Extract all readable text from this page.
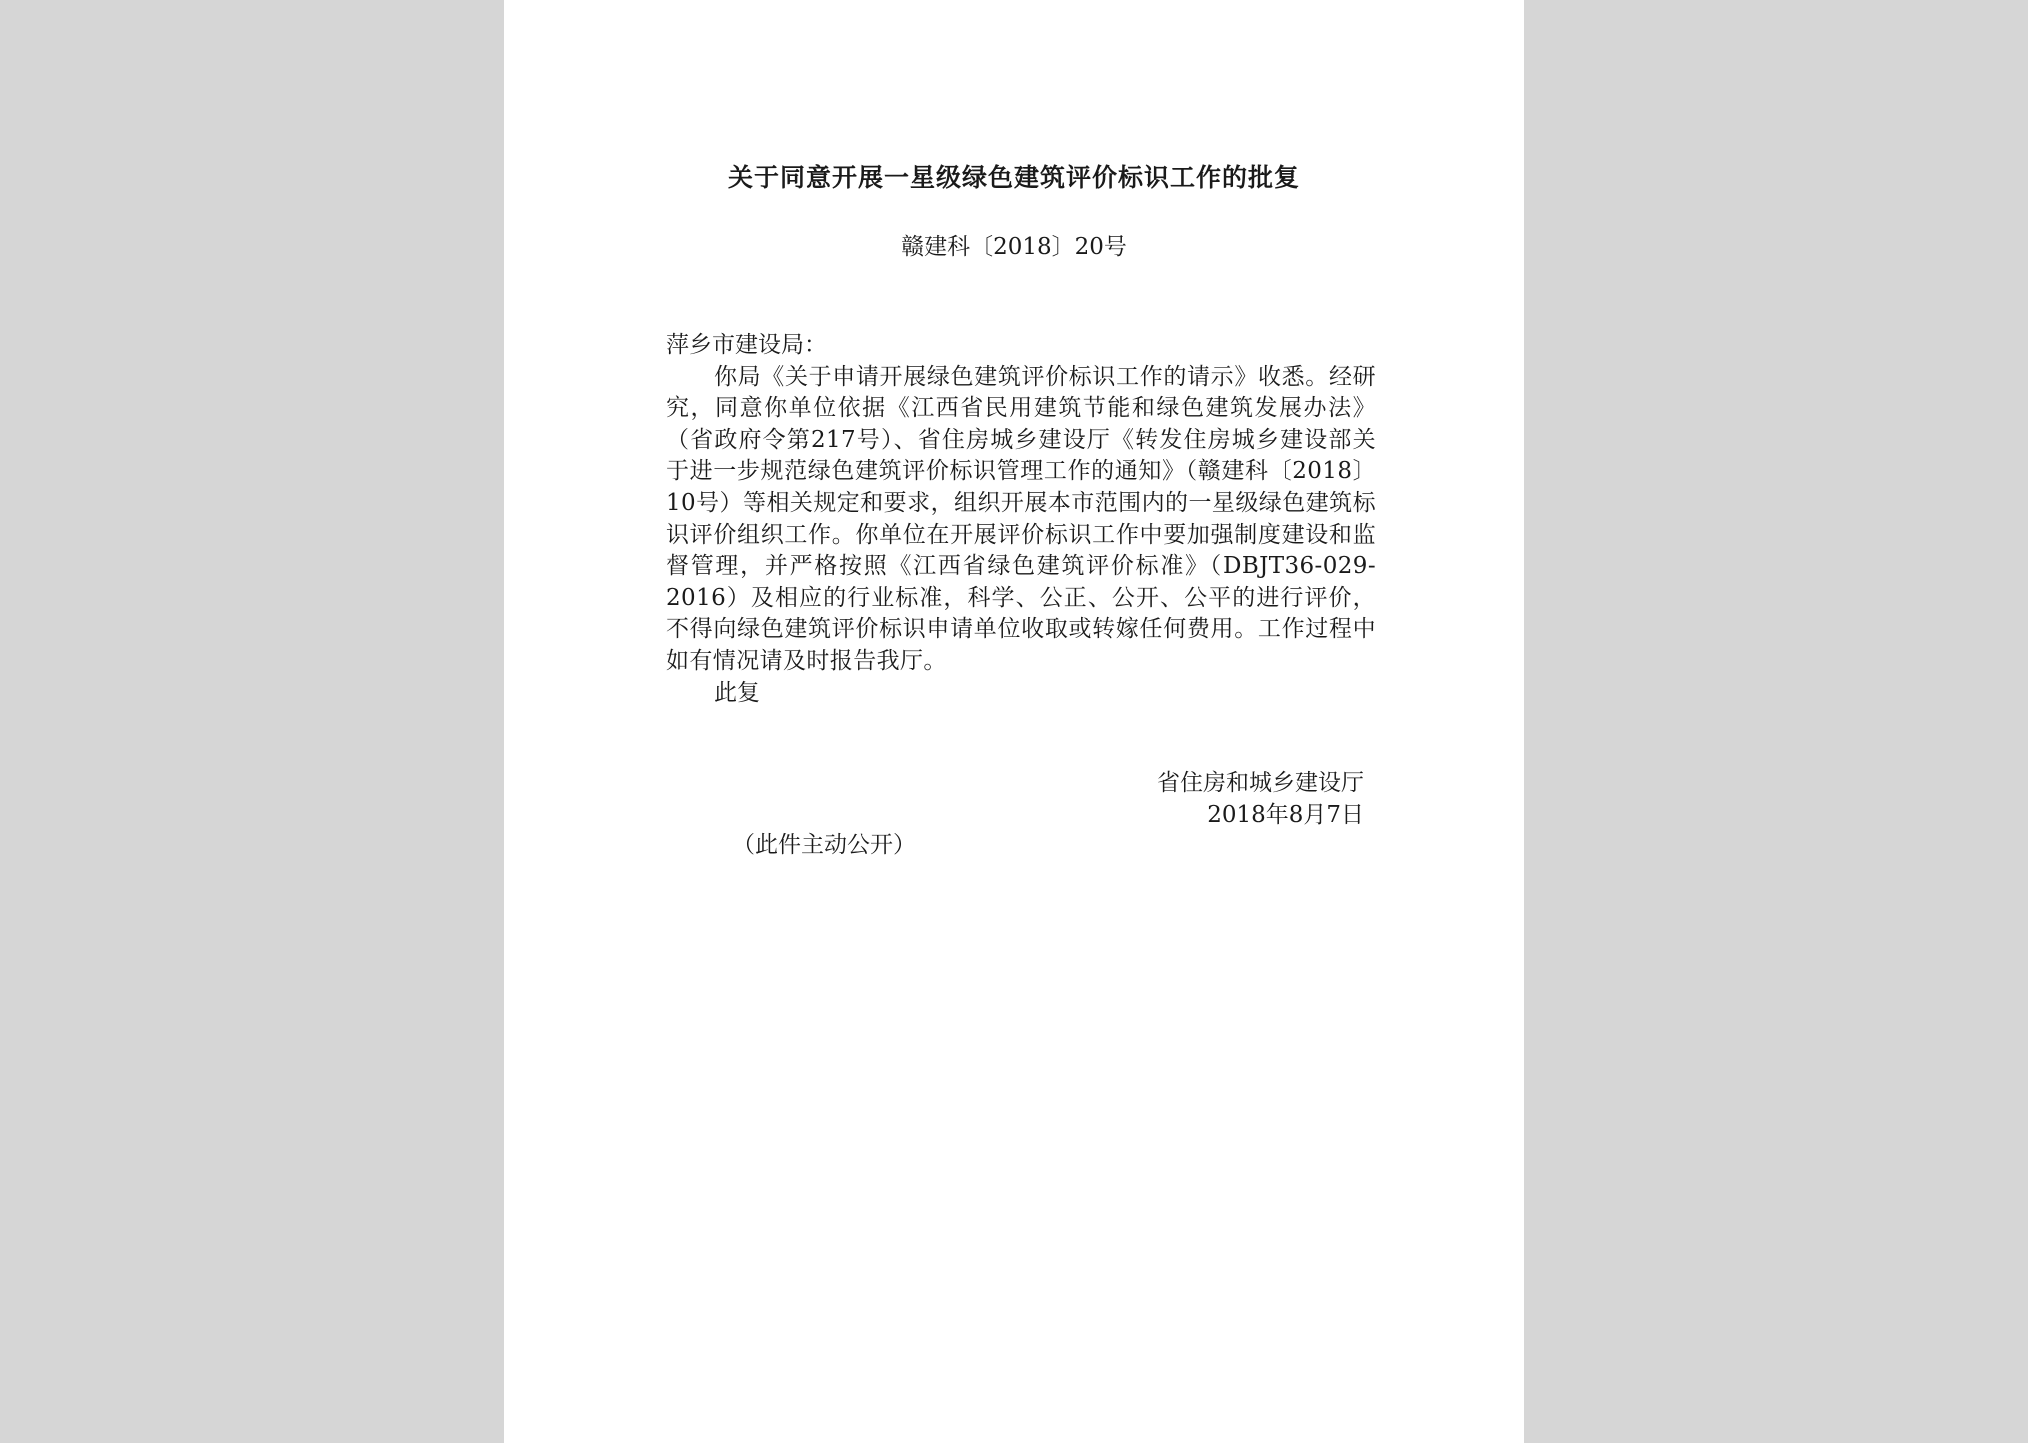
关于同意开展一星级绿色建筑评价标识工作的批复
赣建科〔2018〕20号

萍乡市建设局：

你局《关于申请开展绿色建筑评价标识工作的请示》收悉。经研究，同意你单位依据《江西省民用建筑节能和绿色建筑发展办法》（省政府令第217号）、省住房城乡建设厅《转发住房城乡建设部关于进一步规范绿色建筑评价标识管理工作的通知》（赣建科〔2018〕10号）等相关规定和要求，组织开展本市范围内的一星级绿色建筑标识评价组织工作。你单位在开展评价标识工作中要加强制度建设和监督管理，并严格按照《江西省绿色建筑评价标准》（DBJT36-029-2016）及相应的行业标准，科学、公正、公开、公平的进行评价，不得向绿色建筑评价标识申请单位收取或转嫁任何费用。工作过程中如有情况请及时报告我厅。

此复

省住房和城乡建设厅
2018年8月7日
（此件主动公开）
